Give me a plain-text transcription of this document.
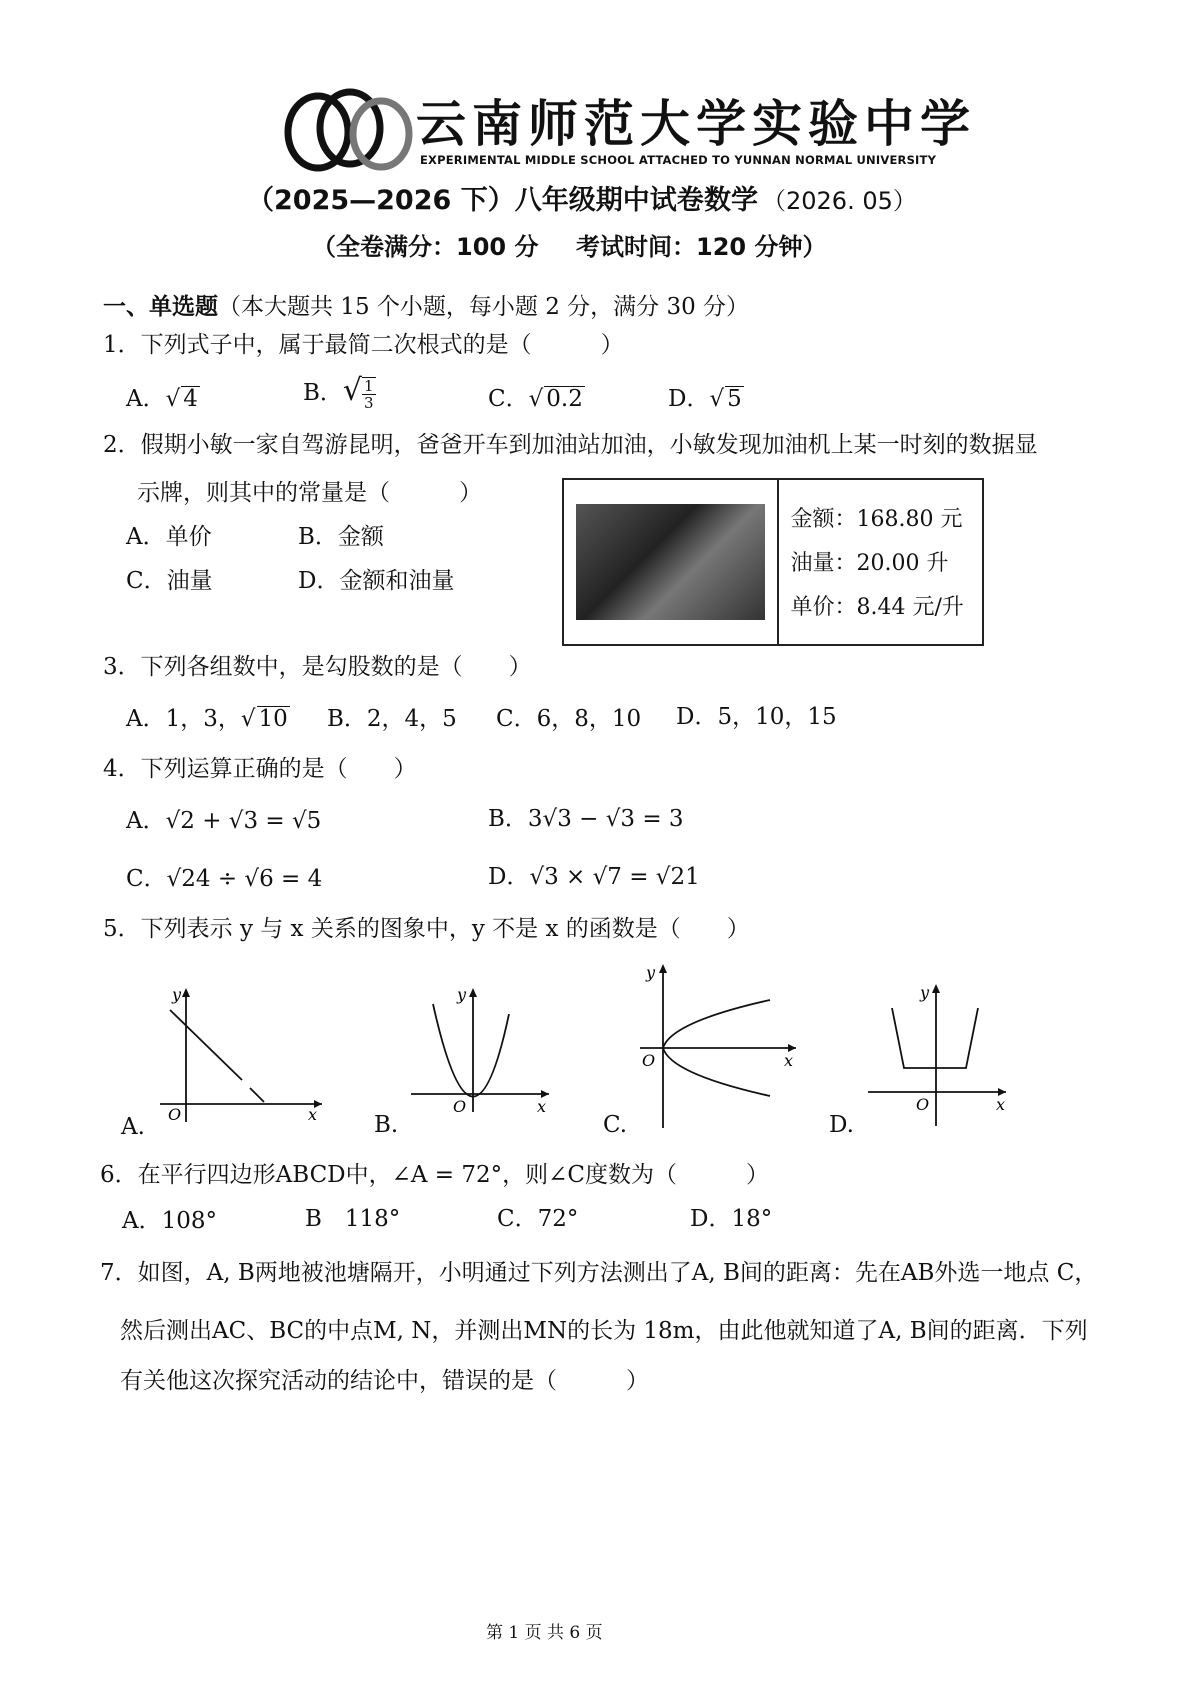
云南师范大学实验中学
EXPERIMENTAL MIDDLE SCHOOL ATTACHED TO YUNNAN NORMAL UNIVERSITY
（2025—2026 下）八年级期中试卷 数学 （2026. 05）
（全卷满分：100 分 考试时间：120 分钟）
一、单选题（本大题共 15 个小题，每小题 2 分，满分 30 分）
1．下列式子中，属于最简二次根式的是（　　　）
A．√ 4	B．√ $\frac{1}{3}$	C．√ 0.2	D．√ 5
2．假期小敏一家自驾游昆明，爸爸开车到加油站加油，小敏发现加油机上某一时刻的数据显
示牌，则其中的常量是（　　　）
A．单价	B．金额
C．油量	D．金额和油量
金额：168.80 元
油量：20.00 升
单价：8.44 元/升
3．下列各组数中，是勾股数的是（　　）
A．1，3，√ 10 B．2，4，5 C．6，8，10 D．5，10，15
4．下列运算正确的是（　　）
A．√2 + √3 = √5	B．3√3 − √3 = 3
C．√24 ÷ √6 = 4	D．√3 × √7 = √21
5．下列表示 y 与 x 关系的图象中，y 不是 x 的函数是（　　）
y
x
O
A.
y
x
O
B.
y
x
O
C.
y
x
O
D.
6．在平行四边形ABCD中，∠A = 72°，则∠C度数为（　　　）
A．108°	B　118°	C．72°	D．18°
7．如图，A, B两地被池塘隔开，小明通过下列方法测出了A, B间的距离：先在AB外选一地点 C，
然后测出AC、BC的中点M, N，并测出MN的长为 18m，由此他就知道了A, B间的距离．下列
有关他这次探究活动的结论中，错误的是（　　　）
第 1 页 共 6 页
